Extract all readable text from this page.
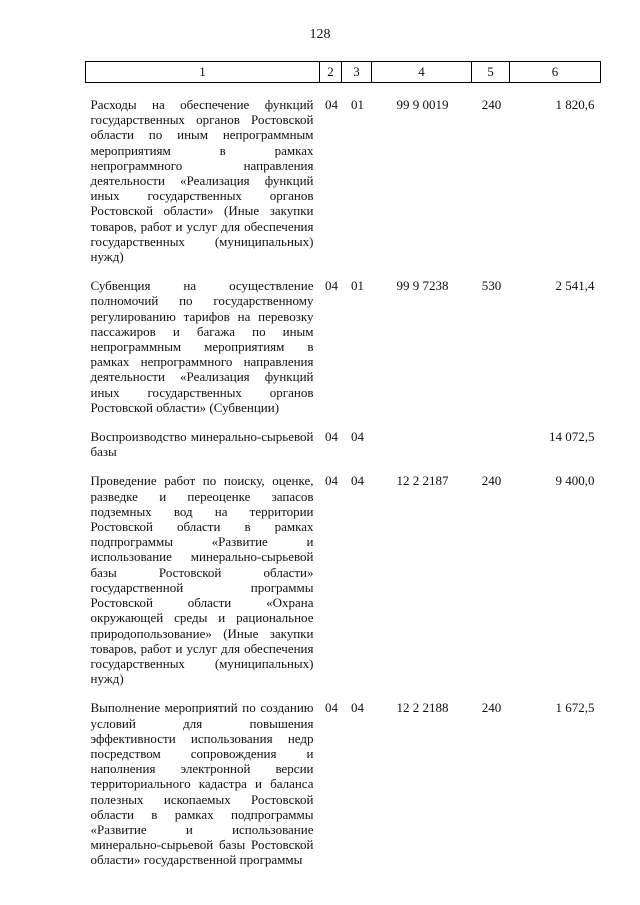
128
1	2	3	4	5	6

Расходы на обеспечение функций государственных органов Ростовской области по иным непрограммным мероприятиям в рамках непрограммного направления деятельности «Реализация функций иных государственных органов Ростовской области» (Иные закупки товаров, работ и услуг для обеспечения государственных (муниципальных) нужд)	04	01	99 9 0019	240	1 820,6

Субвенция на осуществление полномочий по государственному регулированию тарифов на перевозку пассажиров и багажа по иным непрограммным мероприятиям в рамках непрограммного направления деятельности «Реализация функций иных государственных органов Ростовской области» (Субвенции)	04	01	99 9 7238	530	2 541,4

Воспроизводство минерально-сырьевой базы	04	04			14 072,5

Проведение работ по поиску, оценке, разведке и переоценке запасов подземных вод на территории Ростовской области в рамках подпрограммы «Развитие и использование минерально-сырьевой базы Ростовской области» государственной программы Ростовской области «Охрана окружающей среды и рациональное природопользование» (Иные закупки товаров, работ и услуг для обеспечения государственных (муниципальных) нужд)	04	04	12 2 2187	240	9 400,0

Выполнение мероприятий по созданию условий для повышения эффективности использования недр посредством сопровождения и наполнения электронной версии территориального кадастра и баланса полезных ископаемых Ростовской области в рамках подпрограммы «Развитие и использование минерально-сырьевой базы Ростовской области» государственной программы	04	04	12 2 2188	240	1 672,5
